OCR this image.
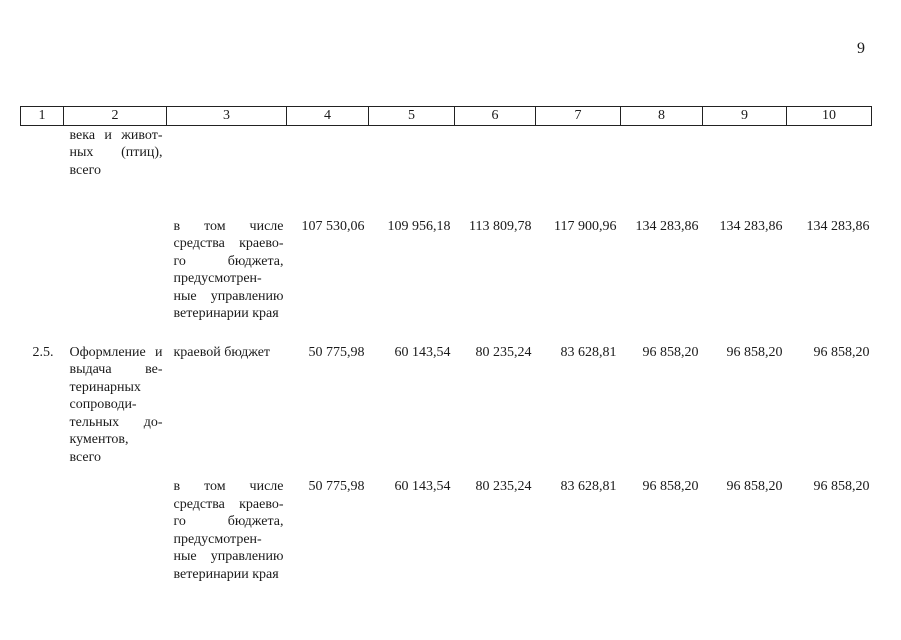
9
1	2	3	4	5	6	7	8	9	10
	века и живот-ных (птиц), всего								
		в том числе средства краево-го бюджета, предусмотрен-ные управлению ветеринарии края	107 530,06	109 956,18	113 809,78	117 900,96	134 283,86	134 283,86	134 283,86
2.5.	Оформление и выдача ве-теринарных сопроводи-тельных до-кументов, всего	краевой бюджет	50 775,98	60 143,54	80 235,24	83 628,81	96 858,20	96 858,20	96 858,20
		в том числе средства краево-го бюджета, предусмотрен-ные управлению ветеринарии края	50 775,98	60 143,54	80 235,24	83 628,81	96 858,20	96 858,20	96 858,20
